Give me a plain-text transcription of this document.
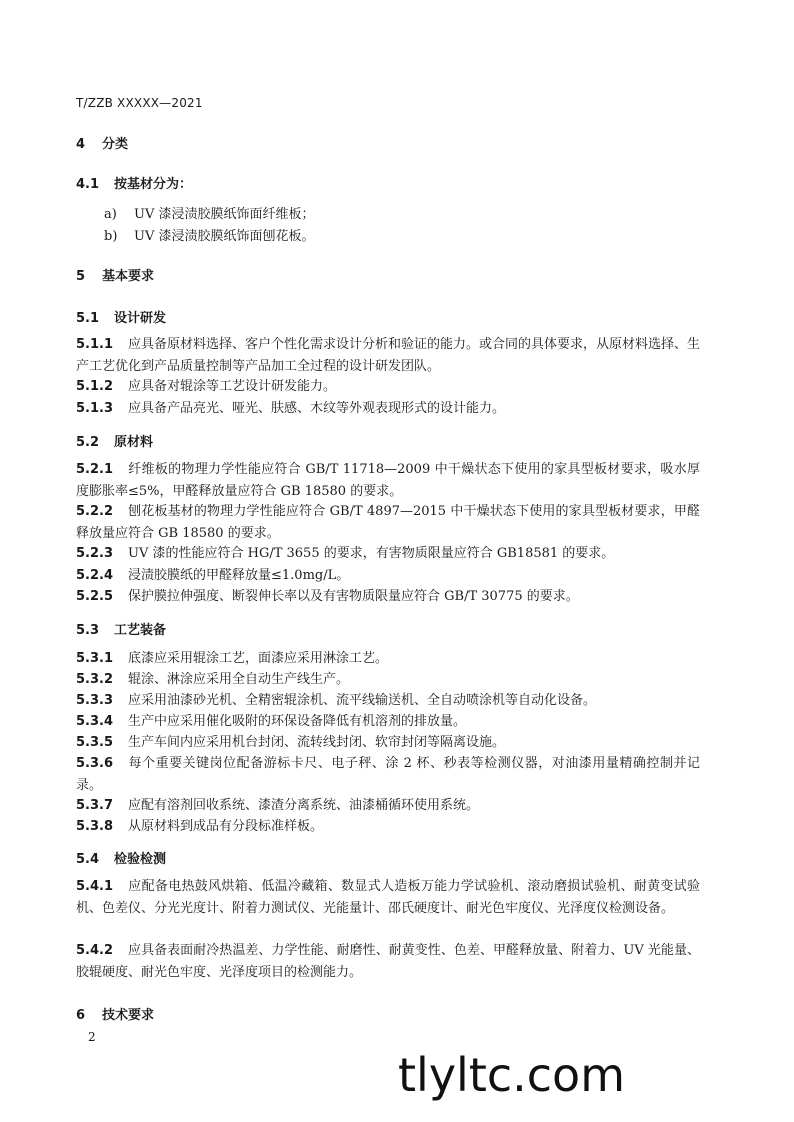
T/ZZB XXXXX—2021
4 分类
4.1 按基材分为：
a) UV 漆浸渍胶膜纸饰面纤维板；
b) UV 漆浸渍胶膜纸饰面刨花板。
5 基本要求
5.1 设计研发
5.1.1 应具备原材料选择、客户个性化需求设计分析和验证的能力。或合同的具体要求，从原材料选择、生产工艺优化到产品质量控制等产品加工全过程的设计研发团队。
5.1.2 应具备对辊涂等工艺设计研发能力。
5.1.3 应具备产品亮光、哑光、肤感、木纹等外观表现形式的设计能力。
5.2 原材料
5.2.1 纤维板的物理力学性能应符合 GB/T 11718—2009 中干燥状态下使用的家具型板材要求，吸水厚度膨胀率≤5%，甲醛释放量应符合 GB 18580 的要求。
5.2.2 刨花板基材的物理力学性能应符合 GB/T 4897—2015 中干燥状态下使用的家具型板材要求，甲醛释放量应符合 GB 18580 的要求。
5.2.3 UV 漆的性能应符合 HG/T 3655 的要求，有害物质限量应符合 GB18581 的要求。
5.2.4 浸渍胶膜纸的甲醛释放量≤1.0mg/L。
5.2.5 保护膜拉伸强度、断裂伸长率以及有害物质限量应符合 GB/T 30775 的要求。
5.3 工艺装备
5.3.1 底漆应采用辊涂工艺，面漆应采用淋涂工艺。
5.3.2 辊涂、淋涂应采用全自动生产线生产。
5.3.3 应采用油漆砂光机、全精密辊涂机、流平线输送机、全自动喷涂机等自动化设备。
5.3.4 生产中应采用催化吸附的环保设备降低有机溶剂的排放量。
5.3.5 生产车间内应采用机台封闭、流转线封闭、软帘封闭等隔离设施。
5.3.6 每个重要关键岗位配备游标卡尺、电子秤、涂 2 杯、秒表等检测仪器，对油漆用量精确控制并记录。
5.3.7 应配有溶剂回收系统、漆渣分离系统、油漆桶循环使用系统。
5.3.8 从原材料到成品有分段标准样板。
5.4 检验检测
5.4.1 应配备电热鼓风烘箱、低温冷藏箱、数显式人造板万能力学试验机、滚动磨损试验机、耐黄变试验机、色差仪、分光光度计、附着力测试仪、光能量计、邵氏硬度计、耐光色牢度仪、光泽度仪检测设备。
5.4.2 应具备表面耐冷热温差、力学性能、耐磨性、耐黄变性、色差、甲醛释放量、附着力、UV 光能量、胶辊硬度、耐光色牢度、光泽度项目的检测能力。
6 技术要求
2
tlyltc.com
